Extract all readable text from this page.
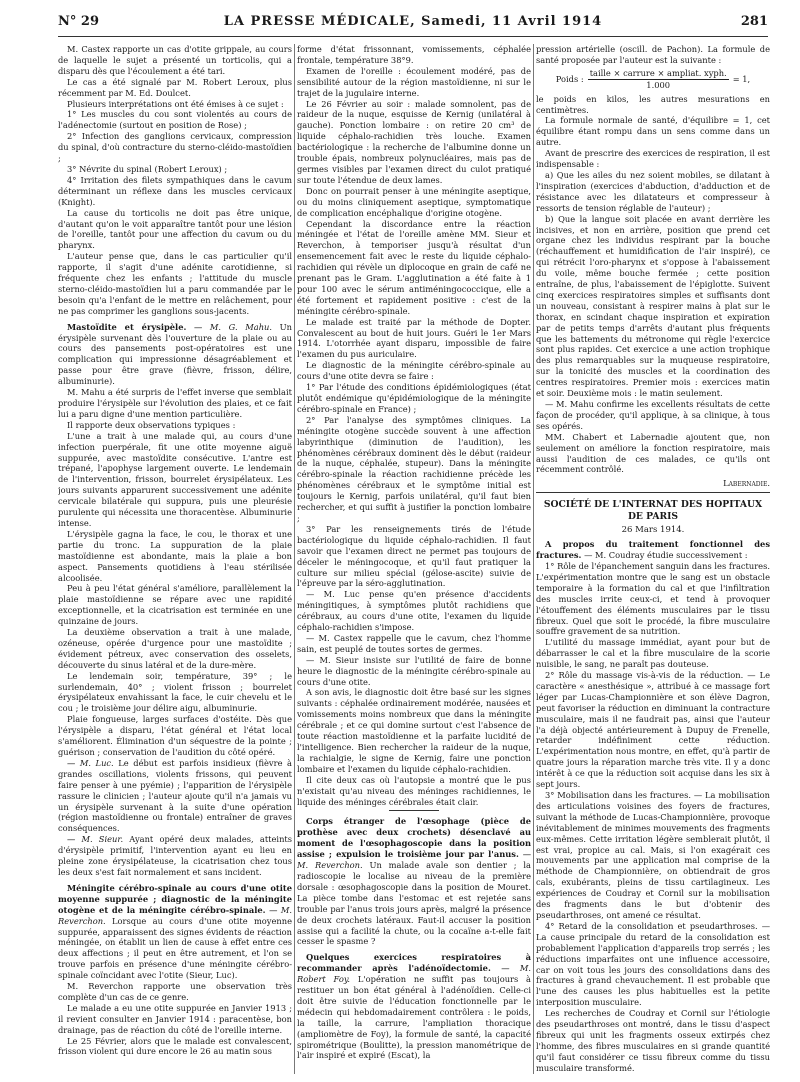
N° 29	LA PRESSE MÉDICALE, Samedi, 11 Avril 1914	281

M. Castex rapporte un cas d'otite grippale, au cours de laquelle le sujet a présenté un torticolis, qui a disparu dès que l'écoulement a été tari.

Le cas a été signalé par M. Robert Leroux, plus récemment par M. Ed. Doulcet.

Plusieurs interprétations ont été émises à ce sujet :

1° Les muscles du cou sont violentés au cours de l'adénectomie (surtout en position de Rose) ;

2° Infection des ganglions cervicaux, compression du spinal, d'où contracture du sterno-cléido-mastoïdien ;

3° Névrite du spinal (Robert Leroux) ;

4° Irritation des filets sympathiques dans le cavum déterminant un réflexe dans les muscles cervicaux (Knight).

La cause du torticolis ne doit pas être unique, d'autant qu'on le voit apparaître tantôt pour une lésion de l'oreille, tantôt pour une affection du cavum ou du pharynx.

L'auteur pense que, dans le cas particulier qu'il rapporte, il s'agit d'une adénite carotidienne, si fréquente chez les enfants ; l'attitude du muscle sterno-cléido-mastoïdien lui a paru commandée par le besoin qu'a l'enfant de le mettre en relâchement, pour ne pas comprimer les ganglions sous-jacents.

Mastoïdite et érysipèle. — M. G. Mahu. Un érysipèle survenant dès l'ouverture de la plaie ou au cours des pansements post-opératoires est une complication qui impressionne désagréablement et passe pour être grave (fièvre, frisson, délire, albuminurie).

M. Mahu a été surpris de l'effet inverse que semblait produire l'érysipèle sur l'évolution des plaies, et ce fait lui a paru digne d'une mention particulière.

Il rapporte deux observations typiques :

L'une a trait à une malade qui, au cours d'une infection puerpérale, fit une otite moyenne aiguë suppurée, avec mastoïdite consécutive. L'antre est trépané, l'apophyse largement ouverte. Le lendemain de l'intervention, frisson, bourrelet érysipélateux. Les jours suivants apparurent successivement une adénite cervicale bilatérale qui suppura, puis une pleurésie purulente qui nécessita une thoracentèse. Albuminurie intense.

L'érysipèle gagna la face, le cou, le thorax et une partie du tronc. La suppuration de la plaie mastoïdienne est abondante, mais la plaie a bon aspect. Pansements quotidiens à l'eau stérilisée alcoolisée.

Peu à peu l'état général s'améliore, parallèlement la plaie mastoïdienne se répare avec une rapidité exceptionnelle, et la cicatrisation est terminée en une quinzaine de jours.

La deuxième observation a trait à une malade, ozéneuse, opérée d'urgence pour une mastoïdite ; évidement pétreux, avec conservation des osselets, découverte du sinus latéral et de la dure-mère.

Le lendemain soir, température, 39° ; le surlendemain, 40° ; violent frisson ; bourrelet érysipélateux envahissant la face, le cuir chevelu et le cou ; le troisième jour délire aigu, albuminurie.

Plaie fongueuse, larges surfaces d'ostéite. Dès que l'érysipèle a disparu, l'état général et l'état local s'améliorent. Élimination d'un séquestre de la pointe ; guérison ; conservation de l'audition du côté opéré.

— M. Luc. Le début est parfois insidieux (fièvre à grandes oscillations, violents frissons, qui peuvent faire penser à une pyémie) ; l'apparition de l'érysipèle rassure le clinicien ; l'auteur ajoute qu'il n'a jamais vu un érysipèle survenant à la suite d'une opération (région mastoïdienne ou frontale) entraîner de graves conséquences.

— M. Sieur. Ayant opéré deux malades, atteints d'érysipèle primitif, l'intervention ayant eu lieu en pleine zone érysipélateuse, la cicatrisation chez tous les deux s'est fait normalement et sans incident.

Méningite cérébro-spinale au cours d'une otite moyenne suppurée ; diagnostic de la méningite otogène et de la méningite cérébro-spinale. — M. Reverchon. Lorsque au cours d'une otite moyenne suppurée, apparaissent des signes évidents de réaction méningée, on établit un lien de cause à effet entre ces deux affections ; il peut en être autrement, et l'on se trouve parfois en présence d'une méningite cérébro-spinale coïncidant avec l'otite (Sieur, Luc).

M. Reverchon rapporte une observation très complète d'un cas de ce genre.

Le malade a eu une otite suppurée en Janvier 1913 ; il revient consulter en Janvier 1914 : paracentèse, bon drainage, pas de réaction du côté de l'oreille interne.

Le 25 Février, alors que le malade est convalescent, frisson violent qui dure encore le 26 au matin sous

forme d'état frissonnant, vomissements, céphalée frontale, température 38°9.

Examen de l'oreille : écoulement modéré, pas de sensibilité autour de la région mastoïdienne, ni sur le trajet de la jugulaire interne.

Le 26 Février au soir : malade somnolent, pas de raideur de la nuque, esquisse de Kernig (unilatéral à gauche). Ponction lombaire : on retire 20 cm³ de liquide céphalo-rachidien très louche. Examen bactériologique : la recherche de l'albumine donne un trouble épais, nombreux polynucléaires, mais pas de germes visibles par l'examen direct du culot pratiqué sur toute l'étendue de deux lames.

Donc on pourrait penser à une méningite aseptique, ou du moins cliniquement aseptique, symptomatique de complication encéphalique d'origine otogène.

Cependant la discordance entre la réaction méningée et l'état de l'oreille amène MM. Sieur et Reverchon, à temporiser jusqu'à résultat d'un ensemencement fait avec le reste du liquide céphalo-rachidien qui révèle un diplocoque en grain de café ne prenant pas le Gram. L'agglutination a été faite à 1 pour 100 avec le sérum antiméningococcique, elle a été fortement et rapidement positive : c'est de la méningite cérébro-spinale.

Le malade est traité par la méthode de Dopter. Convalescent au bout de huit jours. Guéri le 1er Mars 1914. L'otorrhée ayant disparu, impossible de faire l'examen du pus auriculaire.

Le diagnostic de la méningite cérébro-spinale au cours d'une otite devra se faire :

1° Par l'étude des conditions épidémiologiques (état plutôt endémique qu'épidémiologique de la méningite cérébro-spinale en France) ;

2° Par l'analyse des symptômes cliniques. La méningite otogène succède souvent à une affection labyrinthique (diminution de l'audition), les phénomènes cérébraux dominent dès le début (raideur de la nuque, céphalée, stupeur). Dans la méningite cérébro-spinale la réaction rachidienne précède les phénomènes cérébraux et le symptôme initial est toujours le Kernig, parfois unilatéral, qu'il faut bien rechercher, et qui suffit à justifier la ponction lombaire ;

3° Par les renseignements tirés de l'étude bactériologique du liquide céphalo-rachidien. Il faut savoir que l'examen direct ne permet pas toujours de déceler le méningocoque, et qu'il faut pratiquer la culture sur milieu spécial (gélose-ascite) suivie de l'épreuve par la séro-agglutination.

— M. Luc pense qu'en présence d'accidents méningitiques, à symptômes plutôt rachidiens que cérébraux, au cours d'une otite, l'examen du liquide céphalo-rachidien s'impose.

— M. Castex rappelle que le cavum, chez l'homme sain, est peuplé de toutes sortes de germes.

— M. Sieur insiste sur l'utilité de faire de bonne heure le diagnostic de la méningite cérébro-spinale au cours d'une otite.

A son avis, le diagnostic doit être basé sur les signes suivants : céphalée ordinairement modérée, nausées et vomissements moins nombreux que dans la méningite cérébrale ; et ce qui domine surtout c'est l'absence de toute réaction mastoïdienne et la parfaite lucidité de l'intelligence. Bien rechercher la raideur de la nuque, la rachialgie, le signe de Kernig, faire une ponction lombaire et l'examen du liquide céphalo-rachidien.

Il cite deux cas où l'autopsie a montré que le pus n'existait qu'au niveau des méninges rachidiennes, le liquide des méninges cérébrales était clair.

Corps étranger de l'œsophage (pièce de prothèse avec deux crochets) désenclavé au moment de l'œsophagoscopie dans la position assise ; expulsion le troisième jour par l'anus. — M. Reverchon. Un malade avale son dentier ; la radioscopie le localise au niveau de la première dorsale : œsophagoscopie dans la position de Mouret. La pièce tombe dans l'estomac et est rejetée sans trouble par l'anus trois jours après, malgré la présence de deux crochets latéraux. Faut-il accuser la position assise qui a facilité la chute, ou la cocaïne a-t-elle fait cesser le spasme ?

Quelques exercices respiratoires à recommander après l'adénoïdectomie. — M. Robert Foy. L'opération ne suffit pas toujours à restituer un bon état général à l'adénoïdien. Celle-ci doit être suivie de l'éducation fonctionnelle par le médecin qui hebdomadairement contrôlera : le poids, la taille, la carrure, l'ampliation thoracique (ampliomètre de Foy), la formule de santé, la capacité spirométrique (Boulitte), la pression manométrique de l'air inspiré et expiré (Escat), la

pression artérielle (oscill. de Pachon). La formule de santé proposée par l'auteur est la suivante :

Poids : $\frac{\text{taille × carrure × ampliat. xyph.}}{1.000} = 1$,

le poids en kilos, les autres mesurations en centimètres.

La formule normale de santé, d'équilibre = 1, cet équilibre étant rompu dans un sens comme dans un autre.

Avant de prescrire des exercices de respiration, il est indispensable :

a) Que les ailes du nez soient mobiles, se dilatant à l'inspiration (exercices d'abduction, d'adduction et de résistance avec les dilatateurs et compresseur à ressorts de tension réglable de l'auteur) ;

b) Que la langue soit placée en avant derrière les incisives, et non en arrière, position que prend cet organe chez les individus respirant par la bouche (réchauffement et humidification de l'air inspiré), ce qui rétrécit l'oro-pharynx et s'oppose à l'abaissement du voile, même bouche fermée ; cette position entraîne, de plus, l'abaissement de l'épiglotte. Suivent cinq exercices respiratoires simples et suffisants dont un nouveau, consistant à respirer mains à plat sur le thorax, en scindant chaque inspiration et expiration par de petits temps d'arrêts d'autant plus fréquents que les battements du métronome qui règle l'exercice sont plus rapides. Cet exercice a une action trophique des plus remarquables sur la muqueuse respiratoire, sur la tonicité des muscles et la coordination des centres respiratoires. Premier mois : exercices matin et soir. Deuxième mois : le matin seulement.

— M. Mahu confirme les excellents résultats de cette façon de procéder, qu'il applique, à sa clinique, à tous ses opérés.

MM. Chabert et Labernadie ajoutent que, non seulement on améliore la fonction respiratoire, mais aussi l'audition de ces malades, ce qu'ils ont récemment contrôlé.

Labernadie.
SOCIÉTÉ DE L'INTERNAT DES HOPITAUX DE PARIS
26 Mars 1914.

A propos du traitement fonctionnel des fractures. — M. Coudray étudie successivement :

1° Rôle de l'épanchement sanguin dans les fractures. L'expérimentation montre que le sang est un obstacle temporaire à la formation du cal et que l'infiltration des muscles irrite ceux-ci, et tend à provoquer l'étouffement des éléments musculaires par le tissu fibreux. Quel que soit le procédé, la fibre musculaire souffre gravement de sa nutrition.

L'utilité du massage immédiat, ayant pour but de débarrasser le cal et la fibre musculaire de la scorie nuisible, le sang, ne paraît pas douteuse.

2° Rôle du massage vis-à-vis de la réduction. — Le caractère « anesthésique », attribué à ce massage fort léger par Lucas-Championnière et son élève Dagron, peut favoriser la réduction en diminuant la contracture musculaire, mais il ne faudrait pas, ainsi que l'auteur l'a déjà objecté antérieurement à Dupuy de Frenelle, retarder indéfiniment cette réduction. L'expérimentation nous montre, en effet, qu'à partir de quatre jours la réparation marche très vite. Il y a donc intérêt à ce que la réduction soit acquise dans les six à sept jours.

3° Mobilisation dans les fractures. — La mobilisation des articulations voisines des foyers de fractures, suivant la méthode de Lucas-Championnière, provoque inévitablement de minimes mouvements des fragments eux-mêmes. Cette irritation légère semblerait plutôt, il est vrai, propice au cal. Mais, si l'on exagérait ces mouvements par une application mal comprise de la méthode de Championnière, on obtiendrait de gros cals, exubérants, pleins de tissu cartilagineux. Les expériences de Coudray et Cornil sur la mobilisation des fragments dans le but d'obtenir des pseudarthroses, ont amené ce résultat.

4° Retard de la consolidation et pseudarthroses. — La cause principale du retard de la consolidation est probablement l'application d'appareils trop serrés ; les réductions imparfaites ont une influence accessoire, car on voit tous les jours des consolidations dans des fractures à grand chevauchement. Il est probable que l'une des causes les plus habituelles est la petite interposition musculaire.

Les recherches de Coudray et Cornil sur l'étiologie des pseudarthroses ont montré, dans le tissu d'aspect fibreux qui unit les fragments osseux extirpés chez l'homme, des fibres musculaires en si grande quantité qu'il faut considérer ce tissu fibreux comme du tissu musculaire transformé.
